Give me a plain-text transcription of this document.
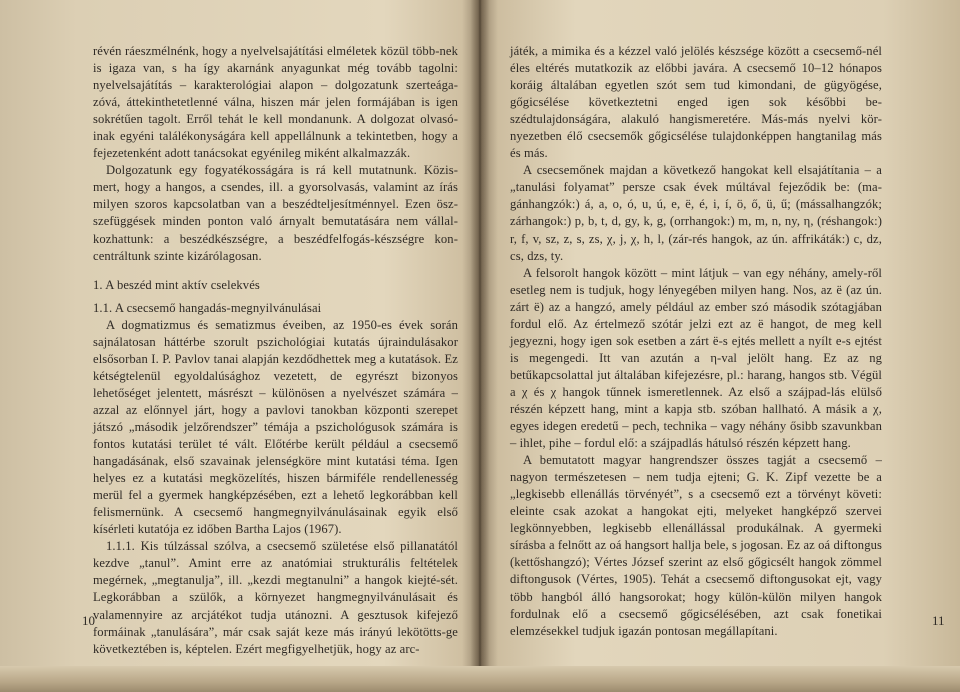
révén ráeszmélnénk, hogy a nyelvelsajátítási elméletek közül több-nek is igaza van, s ha így akarnánk anyagunkat még tovább tagolni: nyelvelsajátítás – karakterológiai alapon – dolgozatunk szerteága-zóvá, áttekinthetetlenné válna, hiszen már jelen formájában is igen sokrétűen tagolt. Erről tehát le kell mondanunk. A dolgozat olvasó-inak egyéni találékonyságára kell appellálnunk a tekintetben, hogy a fejezetenként adott tanácsokat egyénileg miként alkalmazzák.

Dolgozatunk egy fogyatékosságára is rá kell mutatnunk. Közis-mert, hogy a hangos, a csendes, ill. a gyorsolvasás, valamint az írás milyen szoros kapcsolatban van a beszédteljesítménnyel. Ezen ösz-szefüggések minden ponton való árnyalt bemutatására nem vállal-kozhattunk: a beszédkészségre, a beszédfelfogás-készségre kon-centráltunk szinte kizárólagosan.

1. A beszéd mint aktív cselekvés

1.1. A csecsemő hangadás-megnyilvánulásai

A dogmatizmus és sematizmus éveiben, az 1950-es évek során sajnálatosan háttérbe szorult pszichológiai kutatás újraindulásakor elsősorban I. P. Pavlov tanai alapján kezdődhettek meg a kutatások. Ez kétségtelenül egyoldalúsághoz vezetett, de egyrészt bizonyos lehetőséget jelentett, másrészt – különösen a nyelvészet számára – azzal az előnnyel járt, hogy a pavlovi tanokban központi szerepet játszó „második jelzőrendszer” témája a pszichológusok számára is fontos kutatási terület té vált. Előtérbe került például a csecsemő hangadásának, első szavainak jelenségköre mint kutatási téma. Igen helyes ez a kutatási megközelítés, hiszen bármiféle rendellenesség merül fel a gyermek hangképzésében, ezt a lehető legkorábban kell felismernünk. A csecsemő hangmegnyilvánulásainak egyik első kísérleti kutatója ez időben Bartha Lajos (1967).

1.1.1. Kis túlzással szólva, a csecsemő születése első pillanatától kezdve „tanul”. Amint erre az anatómiai strukturális feltételek megérnek, „megtanulja”, ill. „kezdi megtanulni” a hangok kiejté-sét. Legkorábban a szülők, a környezet hangmegnyilvánulásait és valamennyire az arcjátékot tudja utánozni. A gesztusok kifejező formáinak „tanulására”, már csak saját keze más irányú lekötötts-ge következtében is, képtelen. Ezért megfigyelhetjük, hogy az arc-

10

játék, a mimika és a kézzel való jelölés készsége között a csecsemő-nél éles eltérés mutatkozik az előbbi javára. A csecsemő 10–12 hónapos koráig általában egyetlen szót sem tud kimondani, de gügyögése, gőgicsélése következtetni enged igen sok későbbi be-szédtulajdonságára, alakuló hangismeretére. Más-más nyelvi kör-nyezetben élő csecsemők gőgicsélése tulajdonképpen hangtanilag más és más.

A csecsemőnek majdan a következő hangokat kell elsajátítania – a „tanulási folyamat” persze csak évek múltával fejeződik be: (ma-gánhangzók:) á, a, o, ó, u, ú, e, ë, é, i, í, ö, ő, ü, ű; (mássalhangzók; zárhangok:) p, b, t, d, gy, k, g, (orrhangok:) m, m, n, ny, η, (réshangok:) r, f, v, sz, z, s, zs, χ, j, χ, h, l, (zár-rés hangok, az ún. affrikáták:) c, dz, cs, dzs, ty.

A felsorolt hangok között – mint látjuk – van egy néhány, amely-ről esetleg nem is tudjuk, hogy lényegében milyen hang. Nos, az ë (az ún. zárt ë) az a hangzó, amely például az ember szó második szótagjában fordul elő. Az értelmező szótár jelzi ezt az ë hangot, de meg kell jegyezni, hogy igen sok esetben a zárt ë-s ejtés mellett a nyílt e-s ejtést is megengedi. Itt van azután a η-val jelölt hang. Ez az ng betűkapcsolattal jut általában kifejezésre, pl.: harang, hangos stb. Végül a χ és χ hangok tűnnek ismeretlennek. Az első a szájpad-lás elülső részén képzett hang, mint a kapja stb. szóban hallható. A másik a χ, egyes idegen eredetű – pech, technika – vagy néhány ősibb szavunkban – ihlet, pihe – fordul elő: a szájpadlás hátulsó részén képzett hang.

A bemutatott magyar hangrendszer összes tagját a csecsemő – nagyon természetesen – nem tudja ejteni; G. K. Zipf vezette be a „legkisebb ellenállás törvényét”, s a csecsemő ezt a törvényt követi: eleinte csak azokat a hangokat ejti, melyeket hangképző szervei legkönnyebben, legkisebb ellenállással produkálnak. A gyermeki sírásba a felnőtt az oá hangsort hallja bele, s jogosan. Ez az oá diftongus (kettőshangzó); Vértes József szerint az első gőgicsélt hangok zömmel diftongusok (Vértes, 1905). Tehát a csecsemő diftongusokat ejt, vagy több hangból álló hangsorokat; hogy külön-külön milyen hangok fordulnak elő a csecsemő gőgicsélésében, azt csak fonetikai elemzésekkel tudjuk igazán pontosan megállapítani.

11
